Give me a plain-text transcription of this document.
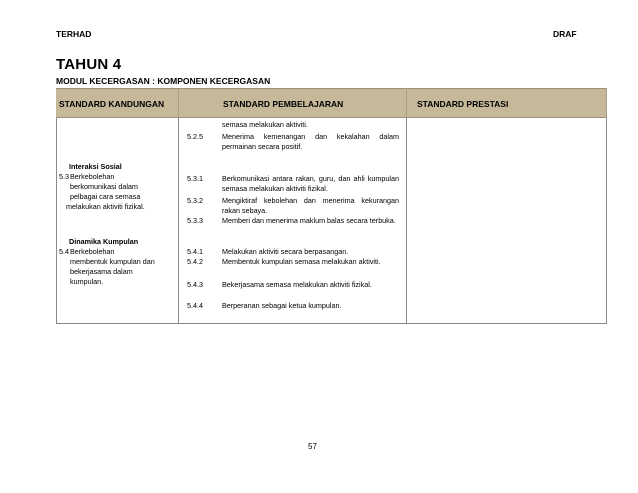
TERHAD	DRAF
TAHUN 4
MODUL KECERGASAN : KOMPONEN KECERGASAN
STANDARD KANDUNGAN	STANDARD PEMBELAJARAN	STANDARD PRESTASI
semasa melakukan aktiviti.
5.2.5	Menerima kemenangan dan kekalahan dalam permainan secara positif.
Interaksi Sosial
5.3 Berkebolehan
berkomunikasi dalam
pelbagai cara semasa
melakukan aktiviti fizikal.
5.3.1	Berkomunikasi antara rakan, guru, dan ahli kumpulan semasa melakukan aktiviti fizikal.
5.3.2	Mengiktiraf kebolehan dan menerima kekurangan rakan sebaya.
5.3.3	Memberi dan menerima maklum balas secara terbuka.
Dinamika Kumpulan
5.4 Berkebolehan
membentuk kumpulan dan
bekerjasama dalam
kumpulan.
5.4.1	Melakukan aktiviti secara berpasangan.
5.4.2	Membentuk kumpulan semasa melakukan aktiviti.
5.4.3	Bekerjasama semasa melakukan aktiviti fizikal.
5.4.4	Berperanan sebagai ketua kumpulan.
57
